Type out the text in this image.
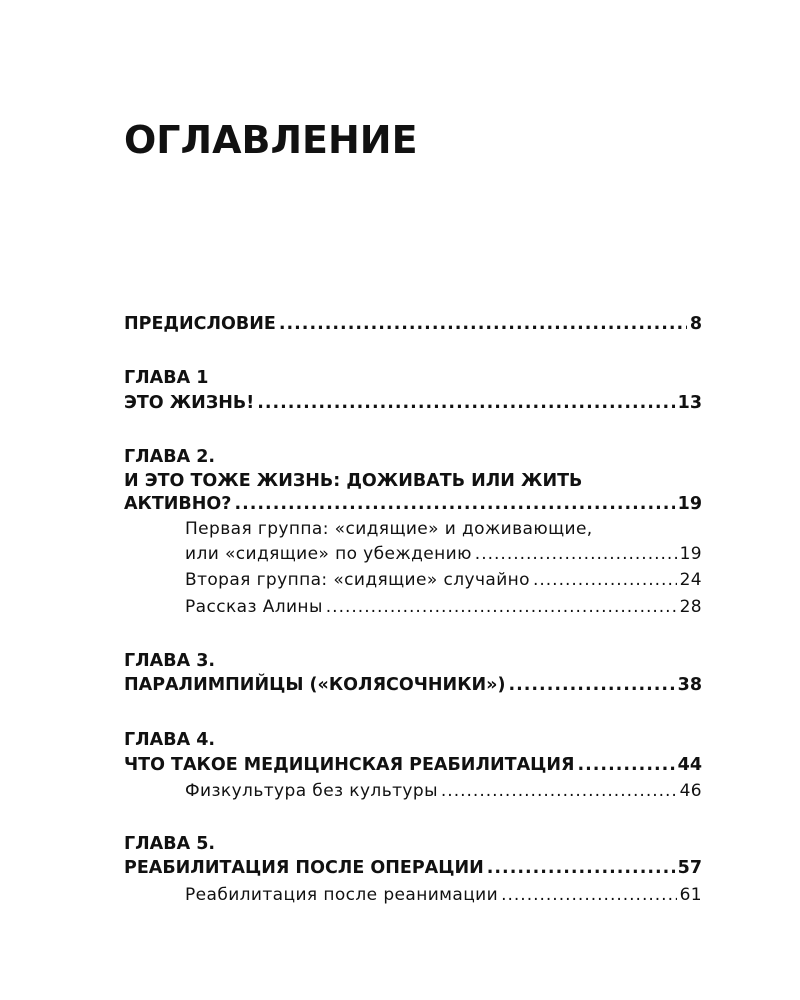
ОГЛАВЛЕНИЕ
ПРЕДИСЛОВИЕ .....	8
ГЛАВА 1
ЭТО ЖИЗНЬ! .....	13
ГЛАВА 2.
И ЭТО ТОЖЕ ЖИЗНЬ: ДОЖИВАТЬ ИЛИ ЖИТЬ
АКТИВНО? .....	19
Первая группа: «сидящие» и доживающие,
или «сидящие» по убеждению .....	19
Вторая группа: «сидящие» случайно .....	24
Рассказ Алины .....	28
ГЛАВА 3.
ПАРАЛИМПИЙЦЫ («КОЛЯСОЧНИКИ») .....	38
ГЛАВА 4.
ЧТО ТАКОЕ МЕДИЦИНСКАЯ РЕАБИЛИТАЦИЯ .....	44
Физкультура без культуры .....	46
ГЛАВА 5.
РЕАБИЛИТАЦИЯ ПОСЛЕ ОПЕРАЦИИ .....	57
Реабилитация после реанимации .....	61
